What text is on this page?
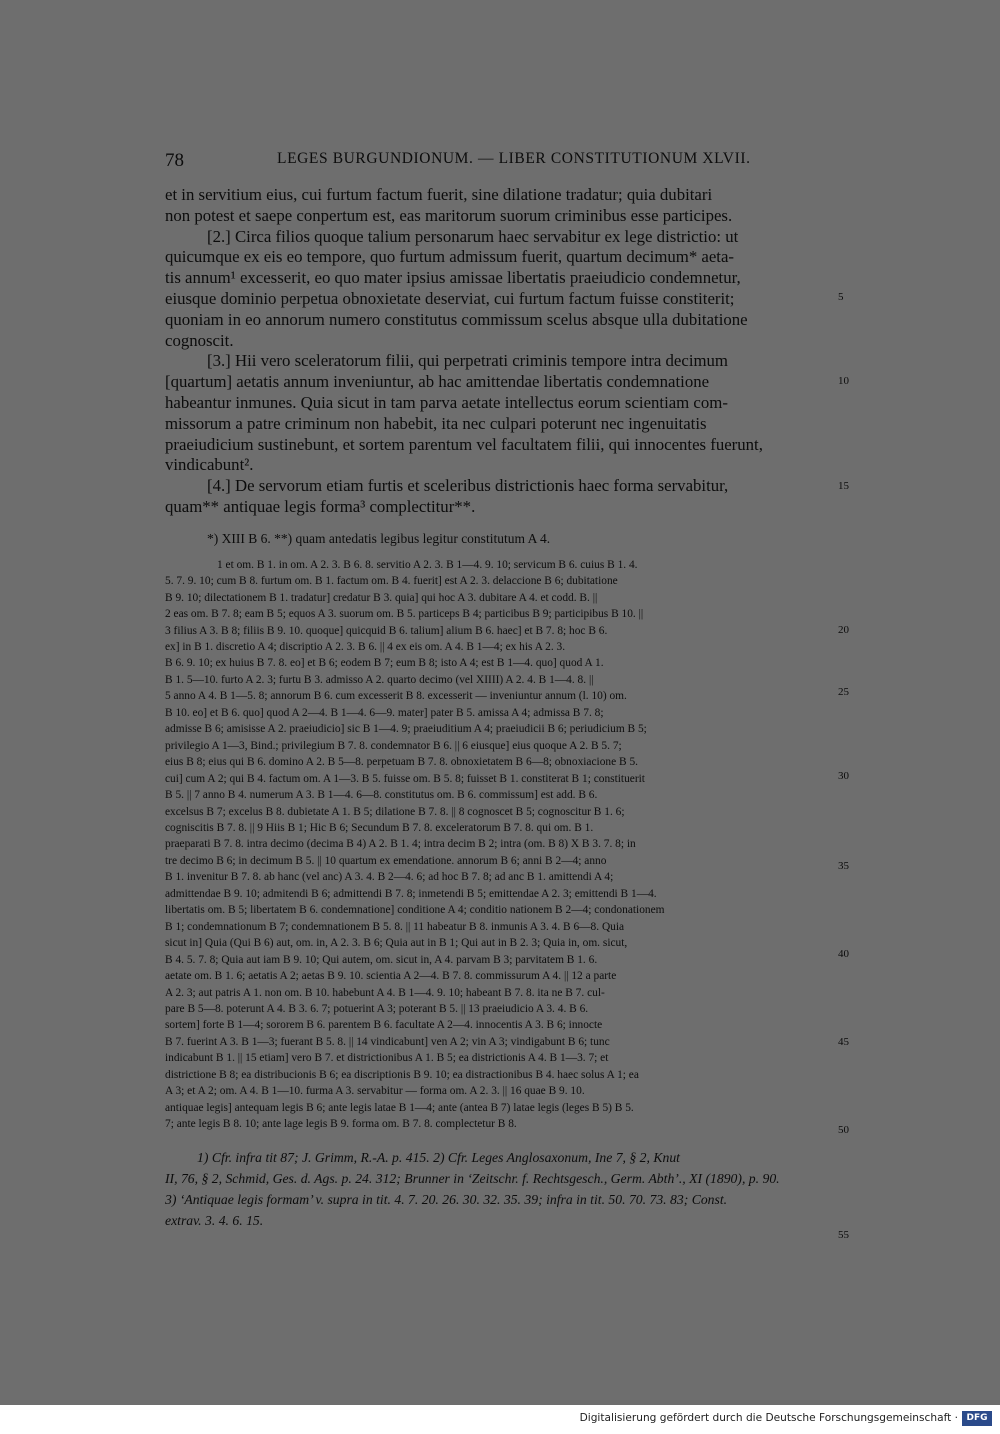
78	LEGES BURGUNDIONUM. — LIBER CONSTITUTIONUM XLVII.
et in servitium eius, cui furtum factum fuerit, sine dilatione tradatur; quia dubitari
non potest et saepe conpertum est, eas maritorum suorum criminibus esse participes.
[2.] Circa filios quoque talium personarum haec servabitur ex lege districtio: ut
quicumque ex eis eo tempore, quo furtum admissum fuerit, quartum decimum* aeta-
tis annum¹ excesserit, eo quo mater ipsius amissae libertatis praeiudicio condemnetur,
eiusque dominio perpetua obnoxietate deserviat, cui furtum factum fuisse constiterit;
quoniam in eo annorum numero constitutus commissum scelus absque ulla dubitatione
cognoscit.
[3.] Hii vero sceleratorum filii, qui perpetrati criminis tempore intra decimum
[quartum] aetatis annum inveniuntur, ab hac amittendae libertatis condemnatione
habeantur inmunes. Quia sicut in tam parva aetate intellectus eorum scientiam com-
missorum a patre criminum non habebit, ita nec culpari poterunt nec ingenuitatis
praeiudicium sustinebunt, et sortem parentum vel facultatem filii, qui innocentes fuerunt,
vindicabunt².
[4.] De servorum etiam furtis et sceleribus districtionis haec forma servabitur,
quam** antiquae legis forma³ complectitur**.
*) XIII B 6. **) quam antedatis legibus legitur constitutum A 4.
1 et om. B 1. in om. A 2. 3. B 6. 8. servitio A 2. 3. B 1—4. 9. 10; servicum B 6. cuius B 1. 4.
5. 7. 9. 10; cum B 8. furtum om. B 1. factum om. B 4. fuerit] est A 2. 3. delaccione B 6; dubitatione
B 9. 10; dilectationem B 1. tradatur] credatur B 3. quia] qui hoc A 3. dubitare A 4. et codd. B. ||
2 eas om. B 7. 8; eam B 5; equos A 3. suorum om. B 5. particeps B 4; particibus B 9; participibus B 10. ||
3 filius A 3. B 8; filiis B 9. 10. quoque] quicquid B 6. talium] alium B 6. haec] et B 7. 8; hoc B 6.
ex] in B 1. discretio A 4; discriptio A 2. 3. B 6. || 4 ex eis om. A 4. B 1—4; ex his A 2. 3.
B 6. 9. 10; ex huius B 7. 8. eo] et B 6; eodem B 7; eum B 8; isto A 4; est B 1—4. quo] quod A 1.
B 1. 5—10. furto A 2. 3; furtu B 3. admisso A 2. quarto decimo (vel XIIII) A 2. 4. B 1—4. 8. ||
5 anno A 4. B 1—5. 8; annorum B 6. cum excesserit B 8. excesserit — inveniuntur annum (l. 10) om.
B 10. eo] et B 6. quo] quod A 2—4. B 1—4. 6—9. mater] pater B 5. amissa A 4; admissa B 7. 8;
admisse B 6; amisisse A 2. praeiudicio] sic B 1—4. 9; praeiuditium A 4; praeiudicii B 6; periudicium B 5;
privilegio A 1—3, Bind.; privilegium B 7. 8. condemnator B 6. || 6 eiusque] eius quoque A 2. B 5. 7;
eius B 8; eius qui B 6. domino A 2. B 5—8. perpetuam B 7. 8. obnoxietatem B 6—8; obnoxiacione B 5.
cui] cum A 2; qui B 4. factum om. A 1—3. B 5. fuisse om. B 5. 8; fuisset B 1. constiterat B 1; constituerit
B 5. || 7 anno B 4. numerum A 3. B 1—4. 6—8. constitutus om. B 6. commissum] est add. B 6.
excelsus B 7; excelus B 8. dubietate A 1. B 5; dilatione B 7. 8. || 8 cognoscet B 5; cognoscitur B 1. 6;
cogniscitis B 7. 8. || 9 Hiis B 1; Hic B 6; Secundum B 7. 8. exceleratorum B 7. 8. qui om. B 1.
praeparati B 7. 8. intra decimo (decima B 4) A 2. B 1. 4; intra decim B 2; intra (om. B 8) X B 3. 7. 8; in
tre decimo B 6; in decimum B 5. || 10 quartum ex emendatione. annorum B 6; anni B 2—4; anno
B 1. invenitur B 7. 8. ab hanc (vel anc) A 3. 4. B 2—4. 6; ad hoc B 7. 8; ad anc B 1. amittendi A 4;
admittendae B 9. 10; admitendi B 6; admittendi B 7. 8; inmetendi B 5; emittendae A 2. 3; emittendi B 1—4.
libertatis om. B 5; libertatem B 6. condemnatione] conditione A 4; conditio nationem B 2—4; condonationem
B 1; condemnationum B 7; condemnationem B 5. 8. || 11 habeatur B 8. inmunis A 3. 4. B 6—8. Quia
sicut in] Quia (Qui B 6) aut, om. in, A 2. 3. B 6; Quia aut in B 1; Qui aut in B 2. 3; Quia in, om. sicut,
B 4. 5. 7. 8; Quia aut iam B 9. 10; Qui autem, om. sicut in, A 4. parvam B 3; parvitatem B 1. 6.
aetate om. B 1. 6; aetatis A 2; aetas B 9. 10. scientia A 2—4. B 7. 8. commissurum A 4. || 12 a parte
A 2. 3; aut patris A 1. non om. B 10. habebunt A 4. B 1—4. 9. 10; habeant B 7. 8. ita ne B 7. cul-
pare B 5—8. poterunt A 4. B 3. 6. 7; potuerint A 3; poterant B 5. || 13 praeiudicio A 3. 4. B 6.
sortem] forte B 1—4; sororem B 6. parentem B 6. facultate A 2—4. innocentis A 3. B 6; innocte
B 7. fuerint A 3. B 1—3; fuerant B 5. 8. || 14 vindicabunt] ven A 2; vin A 3; vindigabunt B 6; tunc
indicabunt B 1. || 15 etiam] vero B 7. et districtionibus A 1. B 5; ea districtionis A 4. B 1—3. 7; et
districtione B 8; ea distribucionis B 6; ea discriptionis B 9. 10; ea distractionibus B 4. haec solus A 1; ea
A 3; et A 2; om. A 4. B 1—10. furma A 3. servabitur — forma om. A 2. 3. || 16 quae B 9. 10.
antiquae legis] antequam legis B 6; ante legis latae B 1—4; ante (antea B 7) latae legis (leges B 5) B 5.
7; ante legis B 8. 10; ante lage legis B 9. forma om. B 7. 8. complectetur B 8.
1) Cfr. infra tit 87; J. Grimm, R.-A. p. 415. 2) Cfr. Leges Anglosaxonum, Ine 7, § 2, Knut
II, 76, § 2, Schmid, Ges. d. Ags. p. 24. 312; Brunner in ‘Zeitschr. f. Rechtsgesch., Germ. Abth’., XI (1890), p. 90.
3) ‘Antiquae legis formam’ v. supra in tit. 4. 7. 20. 26. 30. 32. 35. 39; infra in tit. 50. 70. 73. 83; Const.
extrav. 3. 4. 6. 15.
5
10
15
20
25
30
35
40
45
50
55
Digitalisierung gefördert durch die Deutsche Forschungsgemeinschaft · DFG
